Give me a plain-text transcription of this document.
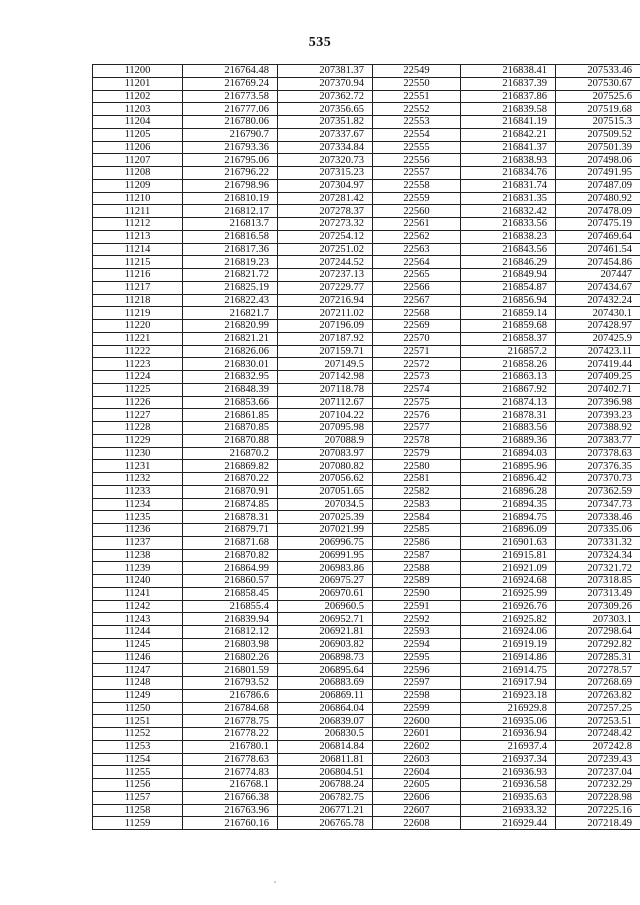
535
11200	216764.48	207381.37	22549	216838.41	207533.46
11201	216769.24	207370.94	22550	216837.39	207530.67
11202	216773.58	207362.72	22551	216837.86	207525.6
11203	216777.06	207356.65	22552	216839.58	207519.68
11204	216780.06	207351.82	22553	216841.19	207515.3
11205	216790.7	207337.67	22554	216842.21	207509.52
11206	216793.36	207334.84	22555	216841.37	207501.39
11207	216795.06	207320.73	22556	216838.93	207498.06
11208	216796.22	207315.23	22557	216834.76	207491.95
11209	216798.96	207304.97	22558	216831.74	207487.09
11210	216810.19	207281.42	22559	216831.35	207480.92
11211	216812.17	207278.37	22560	216832.42	207478.09
11212	216813.7	207273.32	22561	216833.56	207475.19
11213	216816.58	207254.12	22562	216838.23	207469.64
11214	216817.36	207251.02	22563	216843.56	207461.54
11215	216819.23	207244.52	22564	216846.29	207454.86
11216	216821.72	207237.13	22565	216849.94	207447
11217	216825.19	207229.77	22566	216854.87	207434.67
11218	216822.43	207216.94	22567	216856.94	207432.24
11219	216821.7	207211.02	22568	216859.14	207430.1
11220	216820.99	207196.09	22569	216859.68	207428.97
11221	216821.21	207187.92	22570	216858.37	207425.9
11222	216826.06	207159.71	22571	216857.2	207423.11
11223	216830.01	207149.5	22572	216858.26	207419.44
11224	216832.95	207142.98	22573	216863.13	207409.25
11225	216848.39	207118.78	22574	216867.92	207402.71
11226	216853.66	207112.67	22575	216874.13	207396.98
11227	216861.85	207104.22	22576	216878.31	207393.23
11228	216870.85	207095.98	22577	216883.56	207388.92
11229	216870.88	207088.9	22578	216889.36	207383.77
11230	216870.2	207083.97	22579	216894.03	207378.63
11231	216869.82	207080.82	22580	216895.96	207376.35
11232	216870.22	207056.62	22581	216896.42	207370.73
11233	216870.91	207051.65	22582	216896.28	207362.59
11234	216874.85	207034.5	22583	216894.35	207347.73
11235	216878.31	207025.39	22584	216894.75	207338.46
11236	216879.71	207021.99	22585	216896.09	207335.06
11237	216871.68	206996.75	22586	216901.63	207331.32
11238	216870.82	206991.95	22587	216915.81	207324.34
11239	216864.99	206983.86	22588	216921.09	207321.72
11240	216860.57	206975.27	22589	216924.68	207318.85
11241	216858.45	206970.61	22590	216925.99	207313.49
11242	216855.4	206960.5	22591	216926.76	207309.26
11243	216839.94	206952.71	22592	216925.82	207303.1
11244	216812.12	206921.81	22593	216924.06	207298.64
11245	216803.98	206903.82	22594	216919.19	207292.82
11246	216802.26	206898.73	22595	216914.86	207285.31
11247	216801.59	206895.64	22596	216914.75	207278.57
11248	216793.52	206883.69	22597	216917.94	207268.69
11249	216786.6	206869.11	22598	216923.18	207263.82
11250	216784.68	206864.04	22599	216929.8	207257.25
11251	216778.75	206839.07	22600	216935.06	207253.51
11252	216778.22	206830.5	22601	216936.94	207248.42
11253	216780.1	206814.84	22602	216937.4	207242.8
11254	216778.63	206811.81	22603	216937.34	207239.43
11255	216774.83	206804.51	22604	216936.93	207237.04
11256	216768.1	206788.24	22605	216936.58	207232.29
11257	216766.38	206782.75	22606	216935.63	207228.98
11258	216763.96	206771.21	22607	216933.32	207225.16
11259	216760.16	206765.78	22608	216929.44	207218.49
